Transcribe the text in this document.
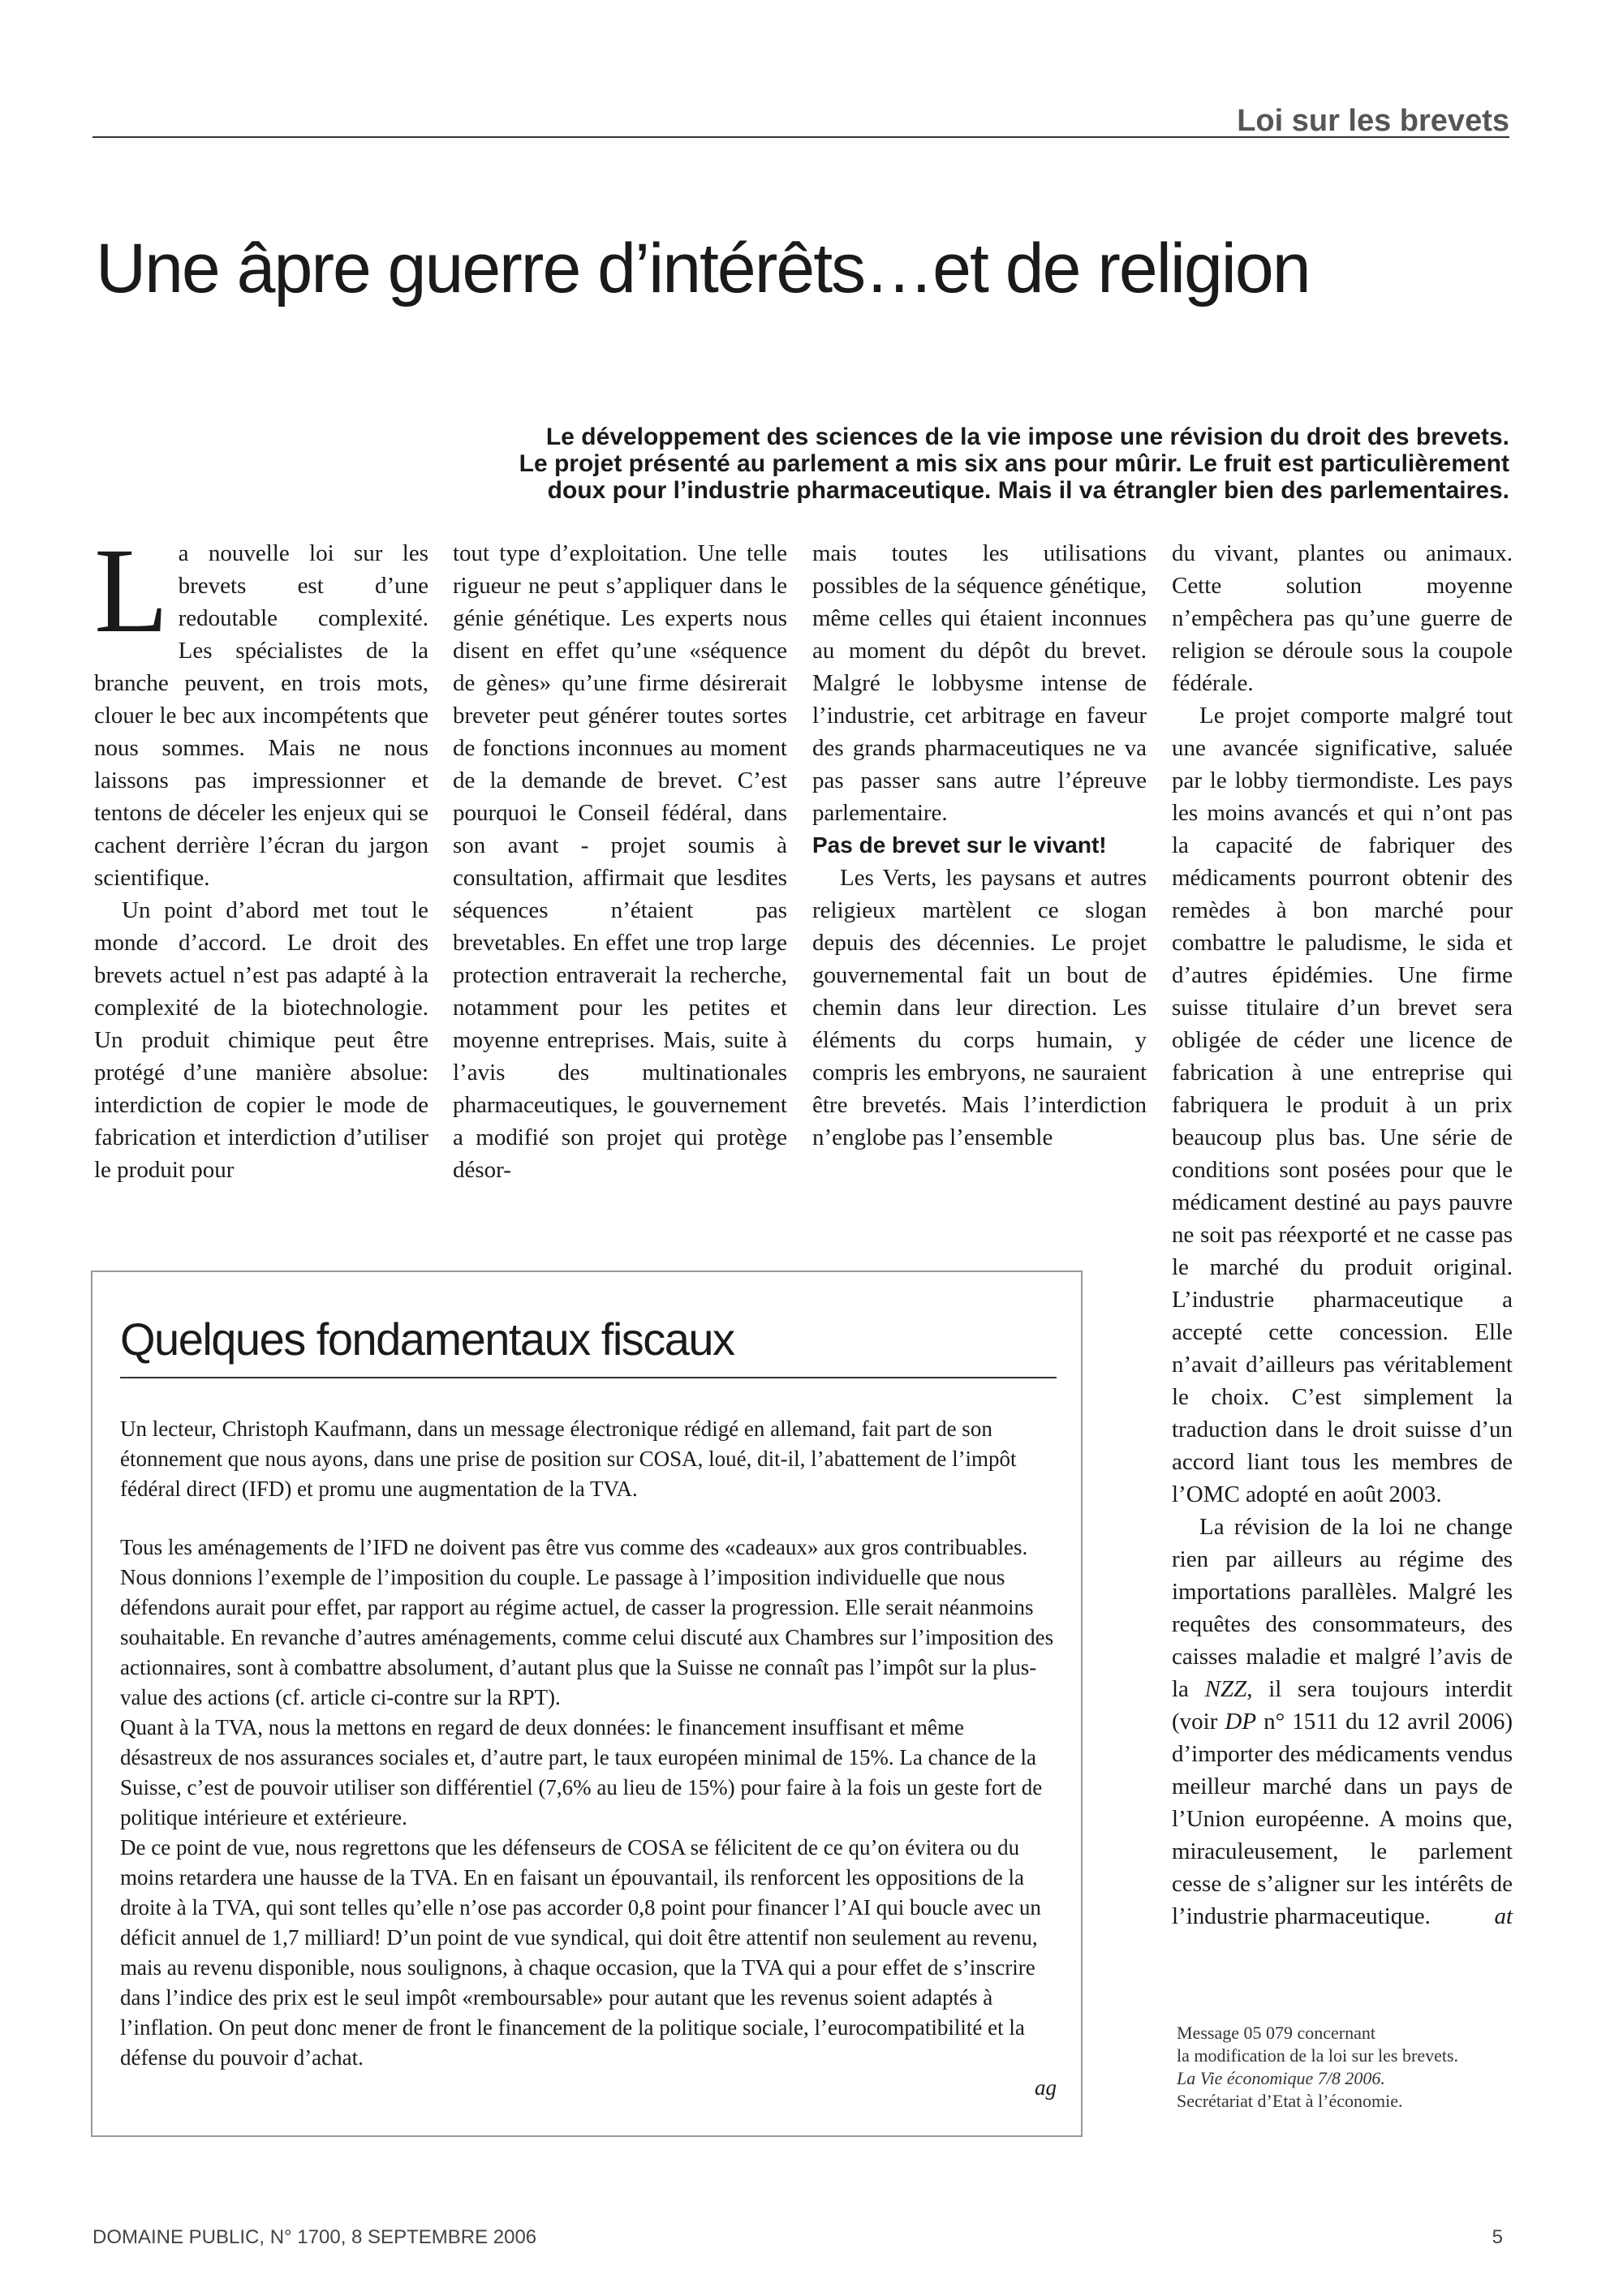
Loi sur les brevets
Une âpre guerre d’intérêts…et de religion
Le développement des sciences de la vie impose une révision du droit des brevets.
Le projet présenté au parlement a mis six ans pour mûrir. Le fruit est particulièrement
doux pour l’industrie pharmaceutique. Mais il va étrangler bien des parlementaires.

La nouvelle loi sur les brevets est d’une redoutable complexité. Les spécialistes de la branche peuvent, en trois mots, clouer le bec aux incompétents que nous sommes. Mais ne nous laissons pas impressionner et tentons de déceler les enjeux qui se cachent derrière l’écran du jargon scientifique.

Un point d’abord met tout le monde d’accord. Le droit des brevets actuel n’est pas adapté à la complexité de la biotechnologie. Un produit chimique peut être protégé d’une manière absolue: interdiction de copier le mode de fabrication et interdiction d’utiliser le produit pour

tout type d’exploitation. Une telle rigueur ne peut s’appliquer dans le génie génétique. Les experts nous disent en effet qu’une «séquence de gènes» qu’une firme désirerait breveter peut générer toutes sortes de fonctions inconnues au moment de la demande de brevet. C’est pourquoi le Conseil fédéral, dans son avant - projet soumis à consultation, affirmait que lesdites séquences n’étaient pas brevetables. En effet une trop large protection entraverait la recherche, notamment pour les petites et moyenne entreprises. Mais, suite à l’avis des multinationales pharmaceutiques, le gouvernement a modifié son projet qui protège désor-

mais toutes les utilisations possibles de la séquence génétique, même celles qui étaient inconnues au moment du dépôt du brevet. Malgré le lobbysme intense de l’industrie, cet arbitrage en faveur des grands pharmaceutiques ne va pas passer sans autre l’épreuve parlementaire.

Pas de brevet sur le vivant!

Les Verts, les paysans et autres religieux martèlent ce slogan depuis des décennies. Le projet gouvernemental fait un bout de chemin dans leur direction. Les éléments du corps humain, y compris les embryons, ne sauraient être brevetés. Mais l’interdiction n’englobe pas l’ensemble

du vivant, plantes ou animaux. Cette solution moyenne n’empêchera pas qu’une guerre de religion se déroule sous la coupole fédérale.

Le projet comporte malgré tout une avancée significative, saluée par le lobby tiermondiste. Les pays les moins avancés et qui n’ont pas la capacité de fabriquer des médicaments pourront obtenir des remèdes à bon marché pour combattre le paludisme, le sida et d’autres épidémies. Une firme suisse titulaire d’un brevet sera obligée de céder une licence de fabrication à une entreprise qui fabriquera le produit à un prix beaucoup plus bas. Une série de conditions sont posées pour que le médicament destiné au pays pauvre ne soit pas réexporté et ne casse pas le marché du produit original. L’industrie pharmaceutique a accepté cette concession. Elle n’avait d’ailleurs pas véritablement le choix. C’est simplement la traduction dans le droit suisse d’un accord liant tous les membres de l’OMC adopté en août 2003.

La révision de la loi ne change rien par ailleurs au régime des importations parallèles. Malgré les requêtes des consommateurs, des caisses maladie et malgré l’avis de la NZZ, il sera toujours interdit (voir DP n° 1511 du 12 avril 2006) d’importer des médicaments vendus meilleur marché dans un pays de l’Union européenne. A moins que, miraculeusement, le parlement cesse de s’aligner sur les intérêts de l’industrie pharmaceutique.	at

Message 05 079 concernant
la modification de la loi sur les brevets.
La Vie économique 7/8 2006.
Secrétariat d’Etat à l’économie.
Quelques fondamentaux fiscaux

Un lecteur, Christoph Kaufmann, dans un message électronique rédigé en allemand, fait part de son étonnement que nous ayons, dans une prise de position sur COSA, loué, dit-il, l’abattement de l’impôt fédéral direct (IFD) et promu une augmentation de la TVA.

Tous les aménagements de l’IFD ne doivent pas être vus comme des «cadeaux» aux gros contribuables. Nous donnions l’exemple de l’imposition du couple. Le passage à l’imposition individuelle que nous défendons aurait pour effet, par rapport au régime actuel, de casser la progression. Elle serait néanmoins souhaitable. En revanche d’autres aménagements, comme celui discuté aux Chambres sur l’imposition des actionnaires, sont à combattre absolument, d’autant plus que la Suisse ne connaît pas l’impôt sur la plus-value des actions (cf. article ci-contre sur la RPT).

Quant à la TVA, nous la mettons en regard de deux données: le financement insuffisant et même désastreux de nos assurances sociales et, d’autre part, le taux européen minimal de 15%. La chance de la Suisse, c’est de pouvoir utiliser son différentiel (7,6% au lieu de 15%) pour faire à la fois un geste fort de politique intérieure et extérieure.

De ce point de vue, nous regrettons que les défenseurs de COSA se félicitent de ce qu’on évitera ou du moins retardera une hausse de la TVA. En en faisant un épouvantail, ils renforcent les oppositions de la droite à la TVA, qui sont telles qu’elle n’ose pas accorder 0,8 point pour financer l’AI qui boucle avec un déficit annuel de 1,7 milliard! D’un point de vue syndical, qui doit être attentif non seulement au revenu, mais au revenu disponible, nous soulignons, à chaque occasion, que la TVA qui a pour effet de s’inscrire dans l’indice des prix est le seul impôt «remboursable» pour autant que les revenus soient adaptés à l’inflation. On peut donc mener de front le financement de la politique sociale, l’eurocompatibilité et la défense du pouvoir d’achat.

ag
DOMAINE PUBLIC, N° 1700, 8 SEPTEMBRE 2006	5
